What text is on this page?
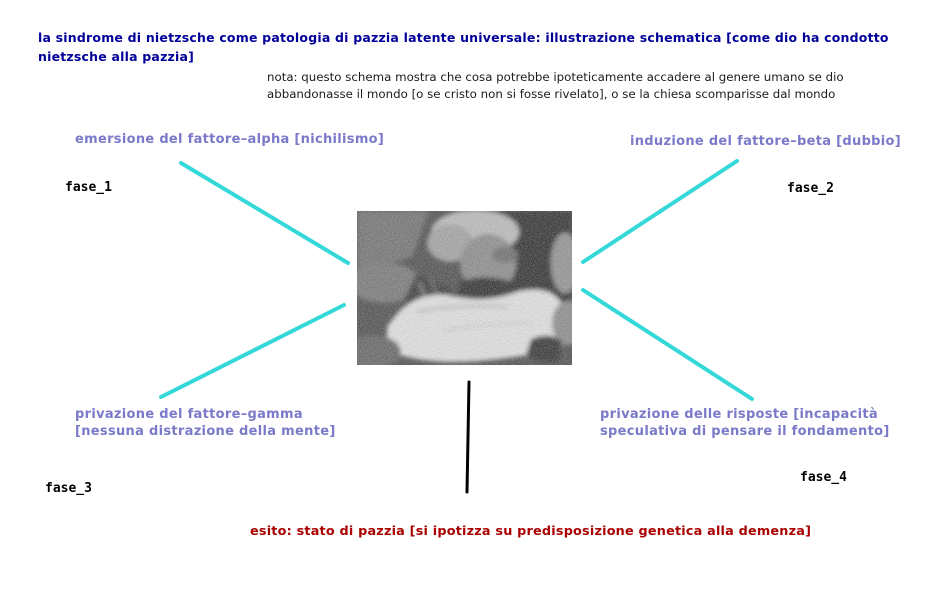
la sindrome di nietzsche come patologia di pazzia latente universale: illustrazione schematica [come dio ha condotto
nietzsche alla pazzia]
nota: questo schema mostra che cosa potrebbe ipoteticamente accadere al genere umano se dio
abbandonasse il mondo [o se cristo non si fosse rivelato], o se la chiesa scomparisse dal mondo
emersione del fattore–alpha [nichilismo]	induzione del fattore–beta [dubbio]
privazione del fattore–gamma
[nessuna distrazione della mente]
privazione delle risposte [incapacità
speculativa di pensare il fondamento]
fase_1	fase_2
fase_3
fase_4
esito: stato di pazzia [si ipotizza su predisposizione genetica alla demenza]
